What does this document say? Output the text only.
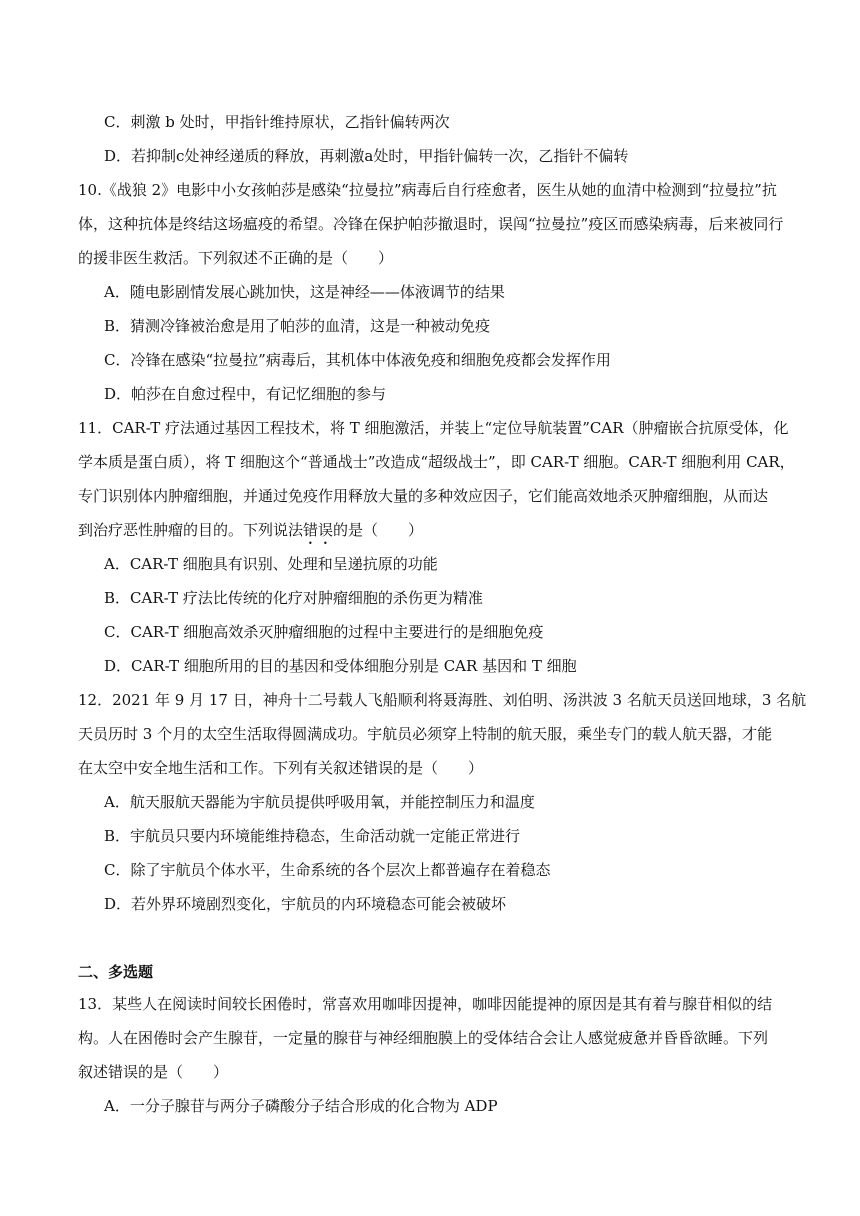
C．刺激 b 处时，甲指针维持原状，乙指针偏转两次
D．若抑制c处神经递质的释放，再刺激a处时，甲指针偏转一次，乙指针不偏转
10.《战狼 2》电影中小女孩帕莎是感染“拉曼拉”病毒后自行痊愈者，医生从她的血清中检测到“拉曼拉”抗
体，这种抗体是终结这场瘟疫的希望。冷锋在保护帕莎撤退时，误闯“拉曼拉”疫区而感染病毒，后来被同行
的援非医生救活。下列叙述不正确的是（　　）
A．随电影剧情发展心跳加快，这是神经——体液调节的结果
B．猜测冷锋被治愈是用了帕莎的血清，这是一种被动免疫
C．冷锋在感染“拉曼拉”病毒后，其机体中体液免疫和细胞免疫都会发挥作用
D．帕莎在自愈过程中，有记忆细胞的参与
11．CAR-T 疗法通过基因工程技术，将 T 细胞激活，并装上“定位导航装置”CAR（肿瘤嵌合抗原受体，化
学本质是蛋白质），将 T 细胞这个“普通战士”改造成“超级战士”，即 CAR-T 细胞。CAR-T 细胞利用 CAR，
专门识别体内肿瘤细胞，并通过免疫作用释放大量的多种效应因子，它们能高效地杀灭肿瘤细胞，从而达
到治疗恶性肿瘤的目的。下列说法错误的是（　　）
A．CAR-T 细胞具有识别、处理和呈递抗原的功能
B．CAR-T 疗法比传统的化疗对肿瘤细胞的杀伤更为精准
C．CAR-T 细胞高效杀灭肿瘤细胞的过程中主要进行的是细胞免疫
D．CAR-T 细胞所用的目的基因和受体细胞分别是 CAR 基因和 T 细胞
12．2021 年 9 月 17 日，神舟十二号载人飞船顺利将聂海胜、刘伯明、汤洪波 3 名航天员送回地球，3 名航
天员历时 3 个月的太空生活取得圆满成功。宇航员必须穿上特制的航天服，乘坐专门的载人航天器，才能
在太空中安全地生活和工作。下列有关叙述错误的是（　　）
A．航天服航天器能为宇航员提供呼吸用氧，并能控制压力和温度
B．宇航员只要内环境能维持稳态，生命活动就一定能正常进行
C．除了宇航员个体水平，生命系统的各个层次上都普遍存在着稳态
D．若外界环境剧烈变化，宇航员的内环境稳态可能会被破坏
二、多选题
13．某些人在阅读时间较长困倦时，常喜欢用咖啡因提神，咖啡因能提神的原因是其有着与腺苷相似的结
构。人在困倦时会产生腺苷，一定量的腺苷与神经细胞膜上的受体结合会让人感觉疲惫并昏昏欲睡。下列
叙述错误的是（　　）
A．一分子腺苷与两分子磷酸分子结合形成的化合物为 ADP
